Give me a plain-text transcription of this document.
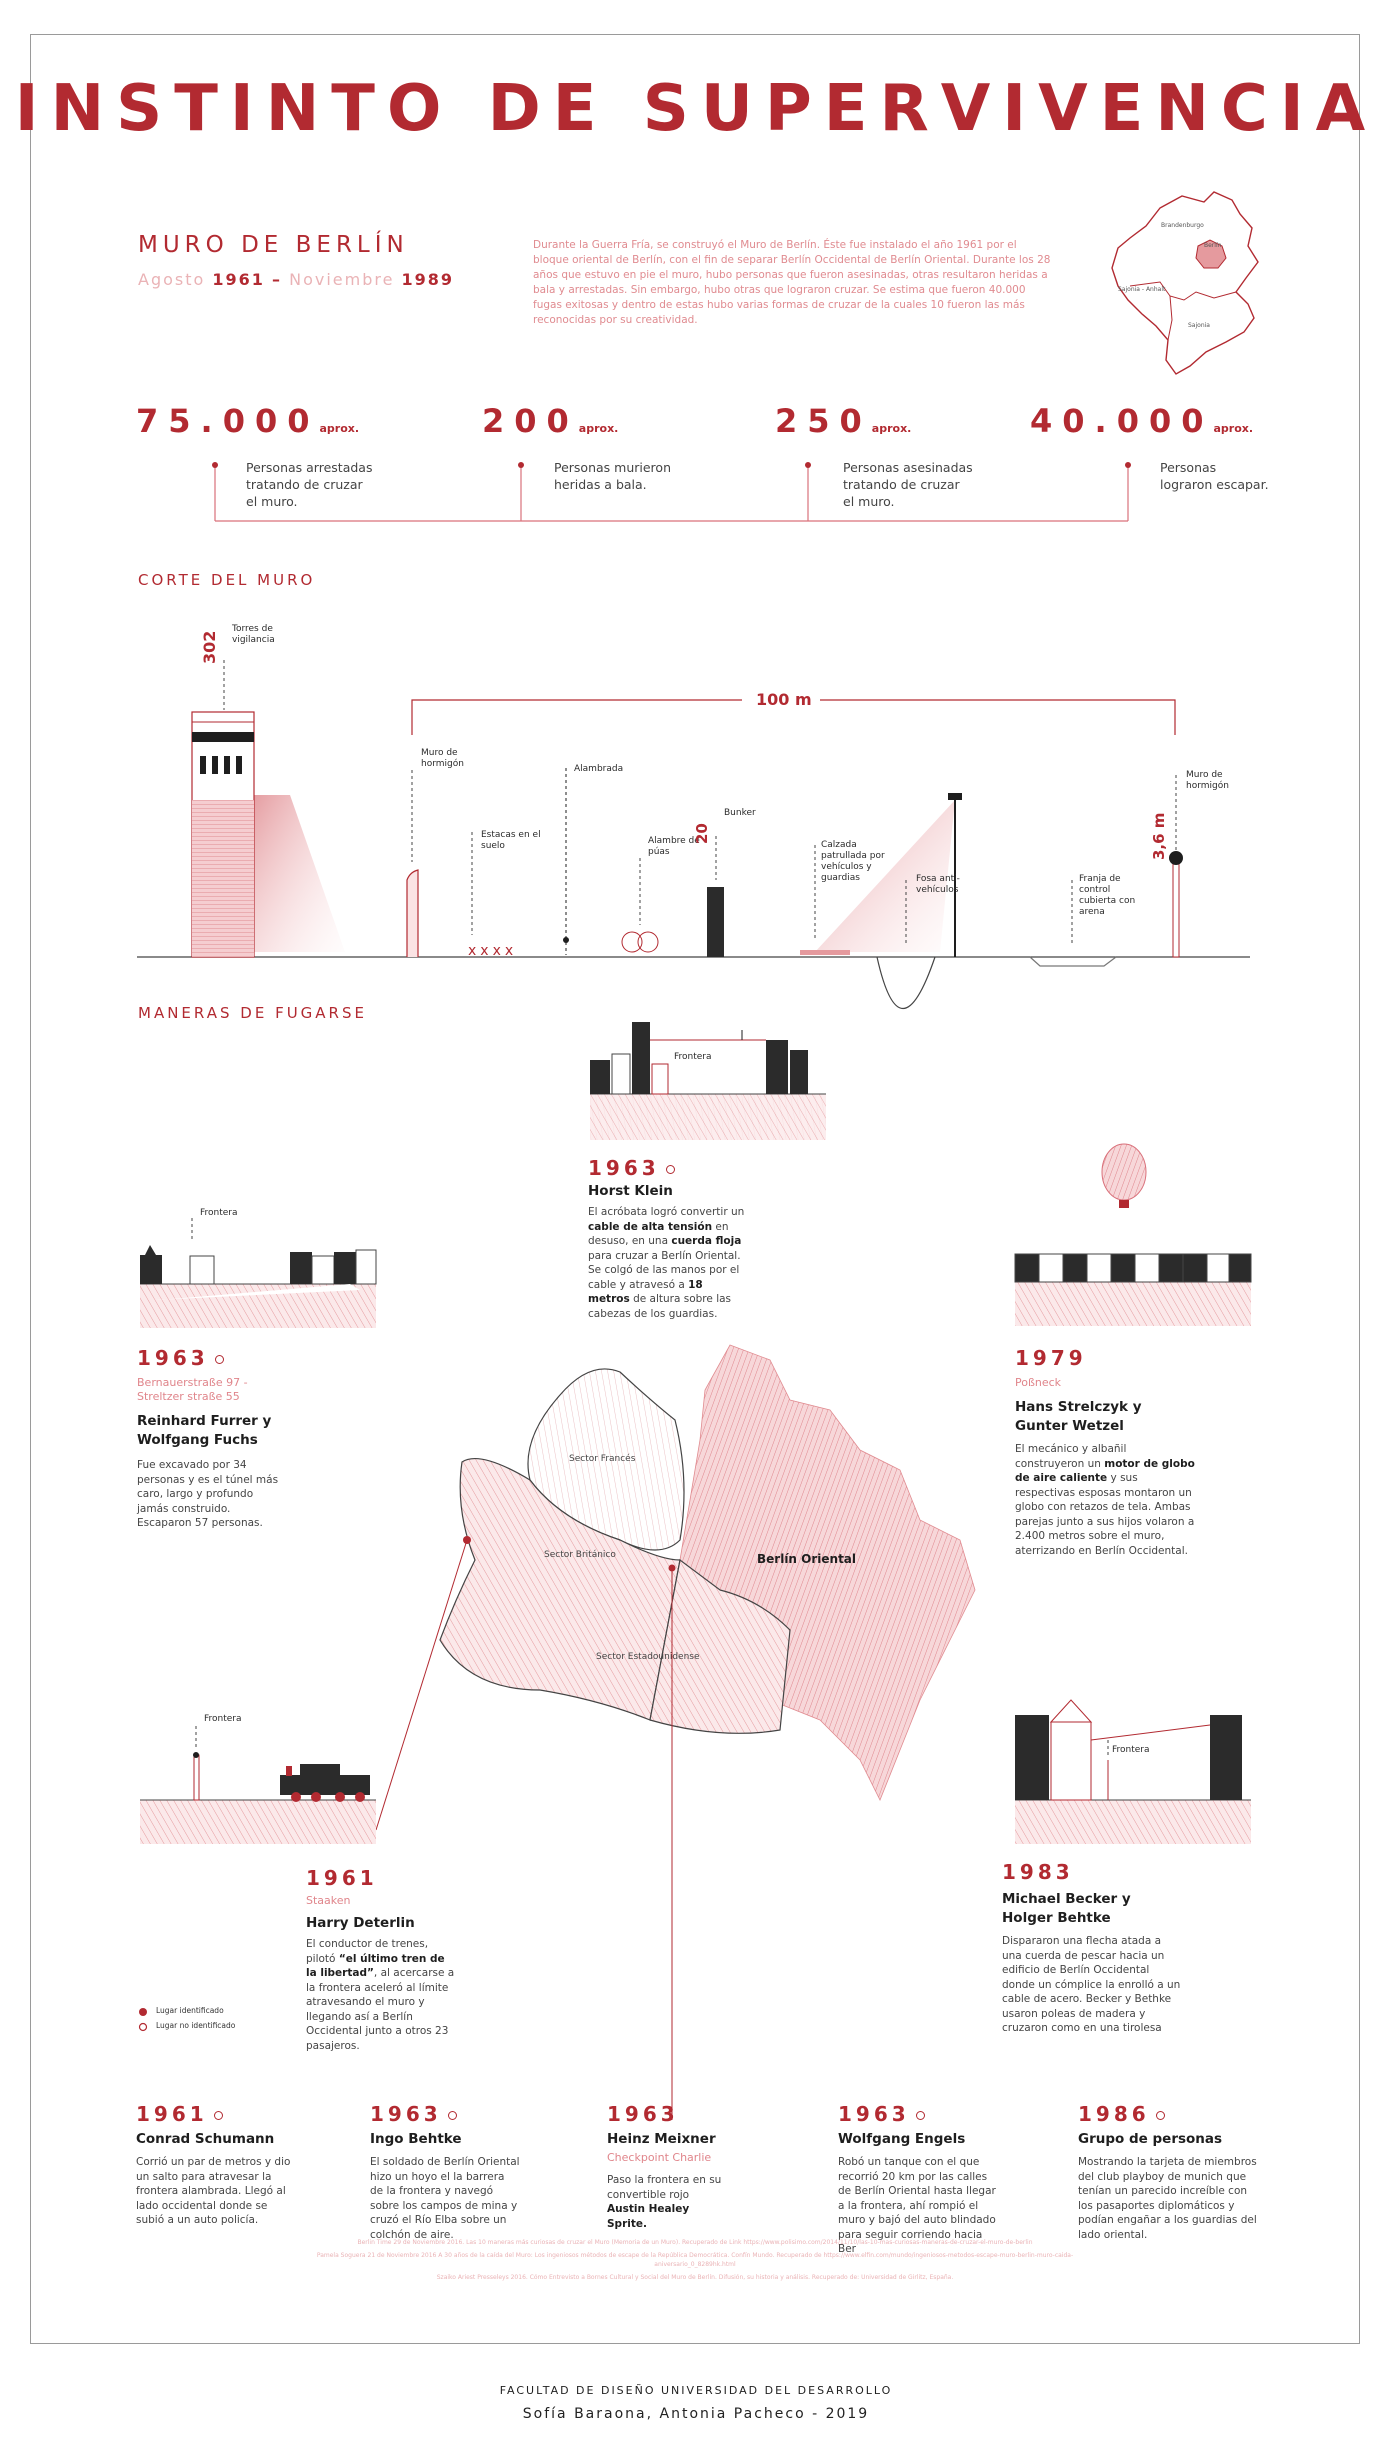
xxxx
INSTINTO DE SUPERVIVENCIA
MURO DE BERLÍN
Agosto 1961 – Noviembre 1989
Durante la Guerra Fría, se construyó el Muro de Berlín. Éste fue instalado el año 1961 por el bloque oriental de Berlín, con el fin de separar Berlín Occidental de Berlín Oriental. Durante los 28 años que estuvo en pie el muro, hubo personas que fueron asesinadas, otras resultaron heridas a bala y arrestadas. Sin embargo, hubo otras que lograron cruzar. Se estima que fueron 40.000 fugas exitosas y dentro de estas hubo varias formas de cruzar de la cuales 10 fueron las más reconocidas por su creatividad.
Brandenburgo
Berlín
Sajonia - Anhalt
Sajonia
75.000aprox.	200aprox.	250aprox.	40.000aprox.
Personas arrestadas tratando de cruzar el muro.
Personas murieron heridas a bala.
Personas asesinadas tratando de cruzar el muro.
Personas lograron escapar.
CORTE DEL MURO
302
Torres de vigilancia
100 m
Muro de hormigón
Estacas en el suelo
Alambrada
Alambre de púas
20
Bunker
Calzada patrullada por vehículos y guardias	Fosa anti-vehículos
Franja de control cubierta con arena
3,6 m
Muro de hormigón
MANERAS DE FUGARSE
Frontera
Frontera
Frontera
Frontera
1963
Horst Klein
El acróbata logró convertir un cable de alta tensión en desuso, en una cuerda floja para cruzar a Berlín Oriental. Se colgó de las manos por el cable y atravesó a 18 metros de altura sobre las cabezas de los guardias.
1963
Bernauerstraße 97 - Streltzer straße 55
Reinhard Furrer y Wolfgang Fuchs
Fue excavado por 34 personas y es el túnel más caro, largo y profundo jamás construido. Escaparon 57 personas.
1979
Poßneck
Hans Strelczyk y Gunter Wetzel
El mecánico y albañil construyeron un motor de globo de aire caliente y sus respectivas esposas montaron un globo con retazos de tela. Ambas parejas junto a sus hijos volaron a 2.400 metros sobre el muro, aterrizando en Berlín Occidental.
Sector Francés
Sector Británico
Sector Estadounidense
Berlín Oriental
1961
Staaken
Harry Deterlin
El conductor de trenes, pilotó “el último tren de la libertad”, al acercarse a la frontera aceleró al límite atravesando el muro y llegando así a Berlín Occidental junto a otros 23 pasajeros.
1983
Michael Becker y Holger Behtke
Dispararon una flecha atada a una cuerda de pescar hacia un edificio de Berlín Occidental donde un cómplice la enrolló a un cable de acero. Becker y Bethke usaron poleas de madera y cruzaron como en una tirolesa
Lugar identificado
Lugar no identificado
1961
Conrad Schumann
Corrió un par de metros y dio un salto para atravesar la frontera alambrada. Llegó al lado occidental donde se subió a un auto policía.
1963
Ingo Behtke
El soldado de Berlín Oriental hizo un hoyo el la barrera de la frontera y navegó sobre los campos de mina y cruzó el Río Elba sobre un colchón de aire.
1963
Heinz Meixner
Checkpoint Charlie
Paso la frontera en su convertible rojo Austin Healey Sprite.
1963
Wolfgang Engels
Robó un tanque con el que recorrió 20 km por las calles de Berlín Oriental hasta llegar a la frontera, ahí rompió el muro y bajó del auto blindado para seguir corriendo hacia Ber
1986
Grupo de personas
Mostrando la tarjeta de miembros del club playboy de munich que tenían un parecido increíble con los pasaportes diplomáticos y podían engañar a los guardias del lado oriental.
Berlin Time 29 de Noviembre 2016. Las 10 maneras más curiosas de cruzar el Muro (Memoria de un Muro). Recuperado de Link https://www.polisimo.com/2014/11/10/las-10-mas-curiosas-maneras-de-cruzar-el-muro-de-berlin
Pamela Soguera 21 de Noviembre 2016 A 30 años de la caída del Muro: Los ingeniosos métodos de escape de la República Democrática. Confín Mundo. Recuperado de https://www.elfin.com/mundo/ingeniosos-metodos-escape-muro-berlin-muro-caida-aniversario_0_8289hk.html
Szaiko Ariest Presseleys 2016. Cómo Entrevisto a Bornes Cultural y Social del Muro de Berlín. Difusión, su historia y análisis. Recuperado de: Universidad de Girlitz, España.
FACULTAD DE DISEÑO UNIVERSIDAD DEL DESARROLLO
Sofía Baraona, Antonia Pacheco - 2019
